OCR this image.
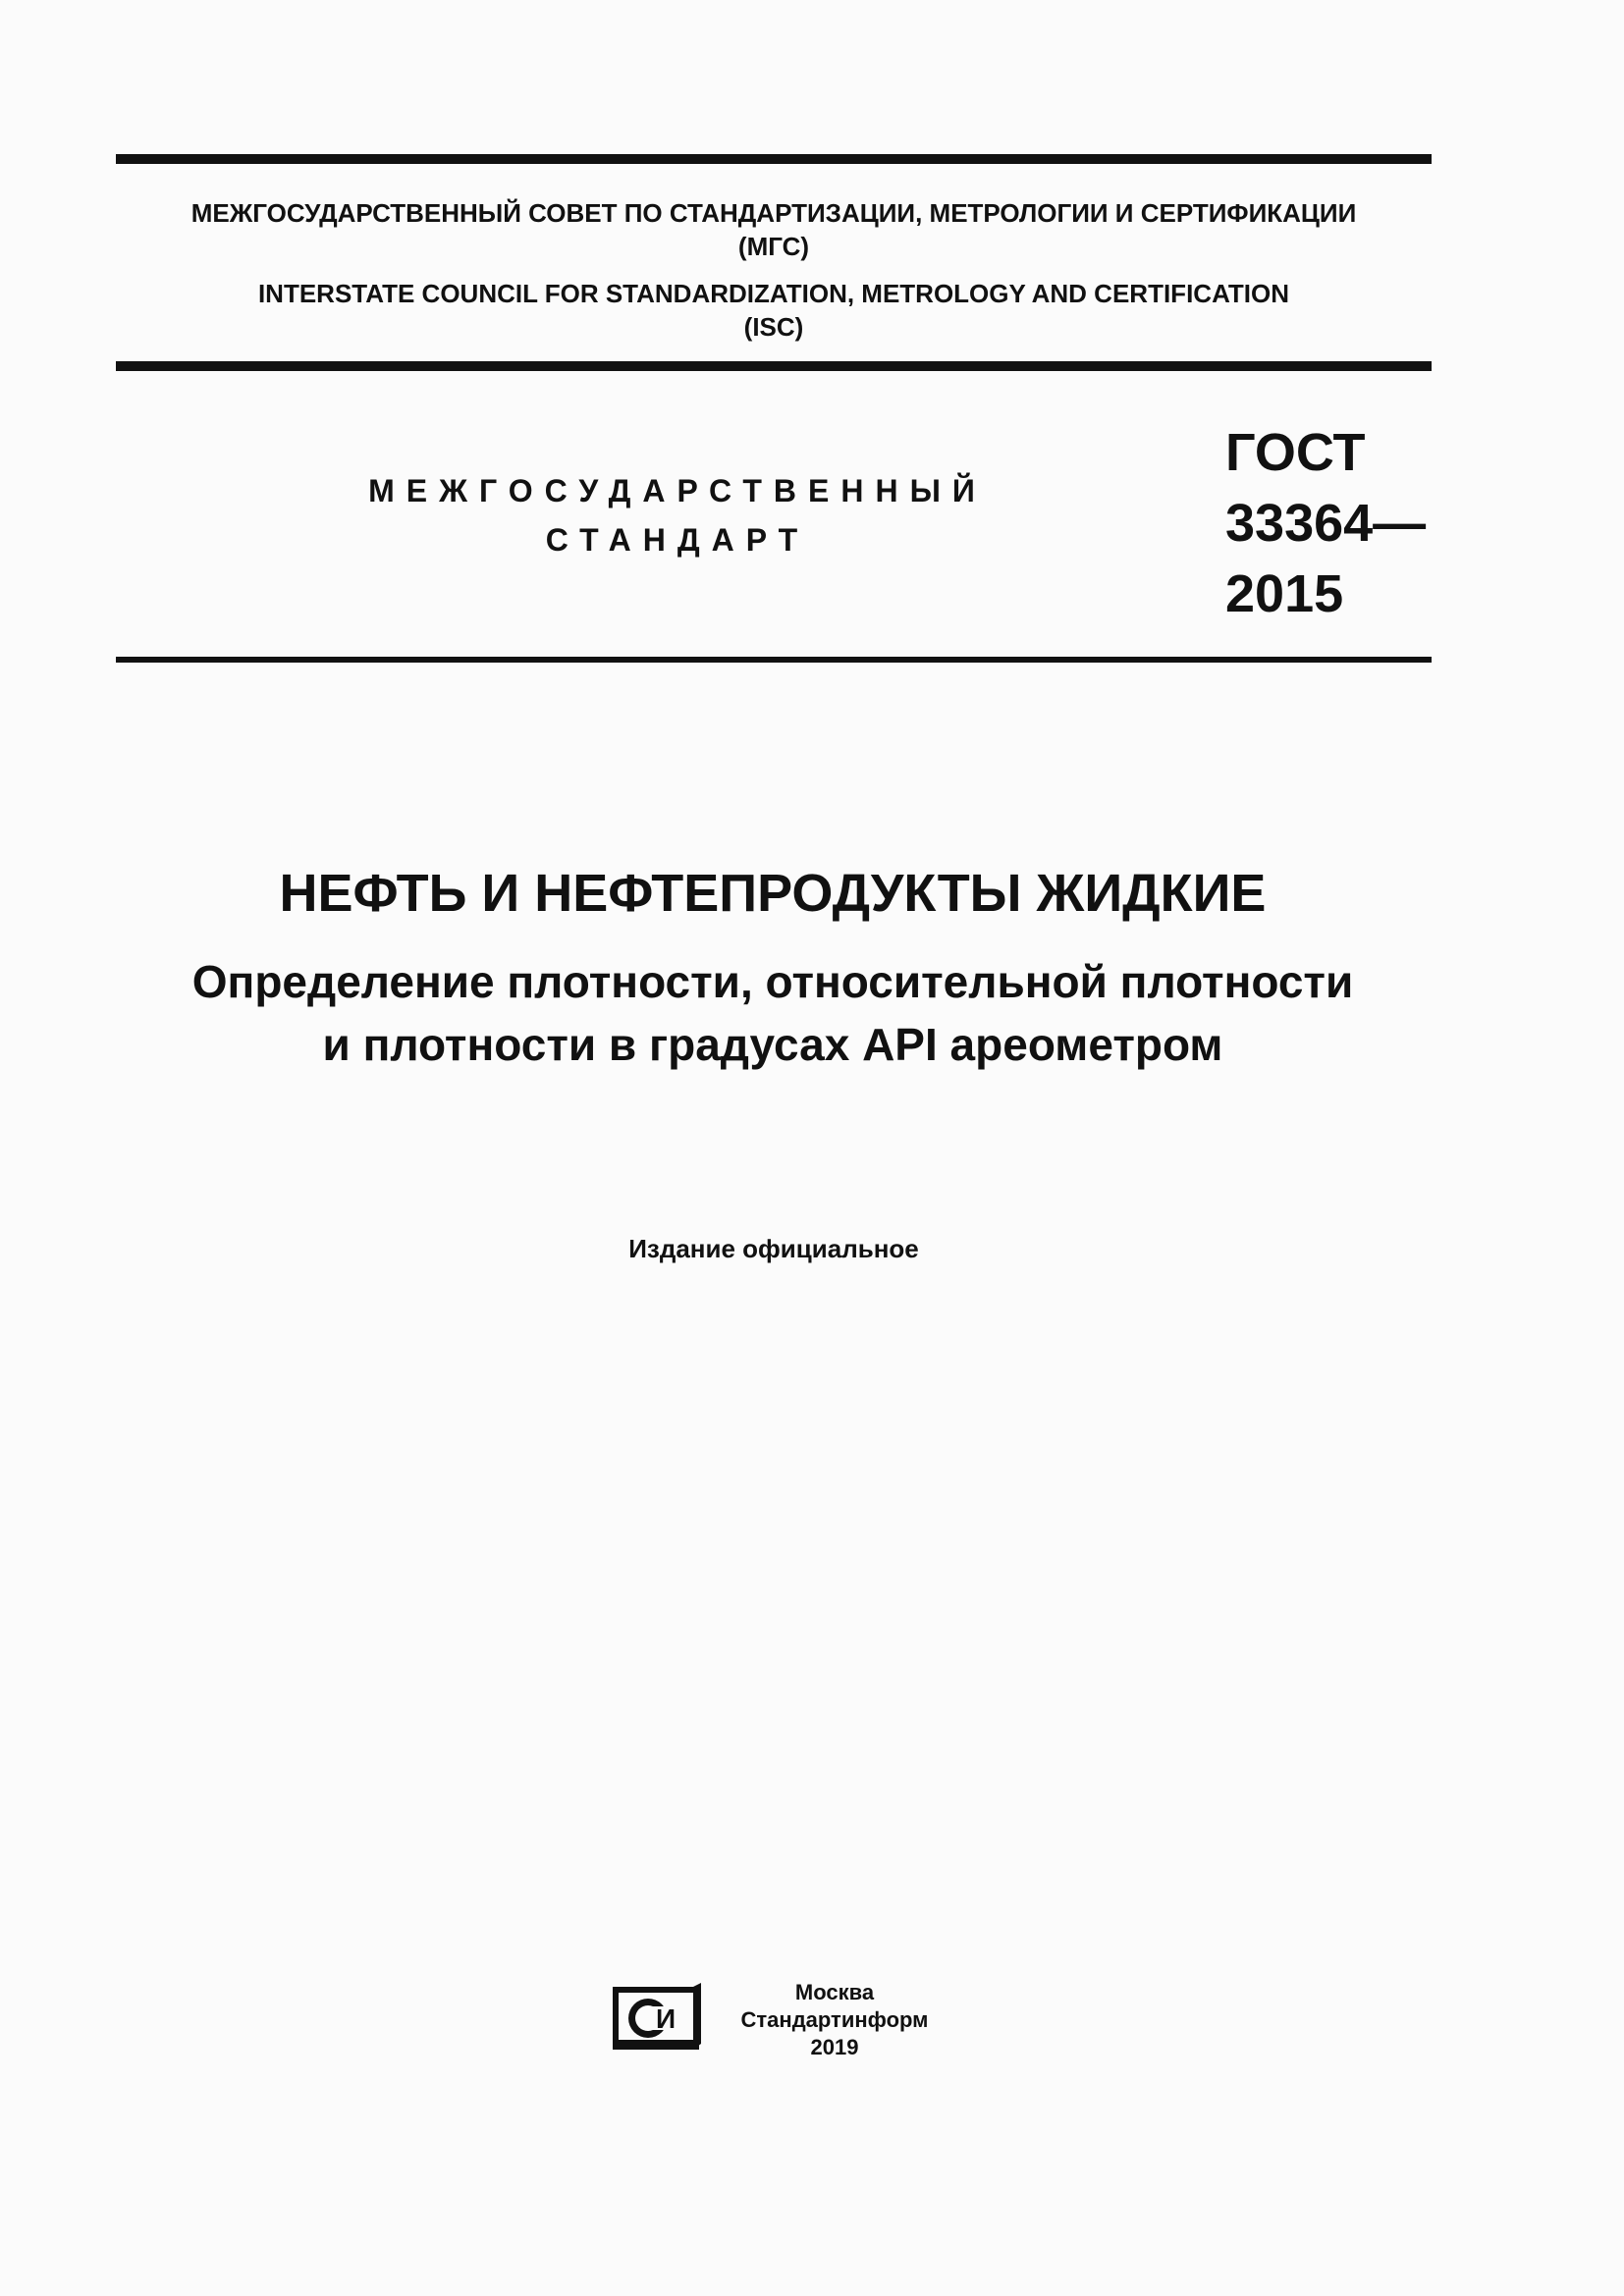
МЕЖГОСУДАРСТВЕННЫЙ СОВЕТ ПО СТАНДАРТИЗАЦИИ, МЕТРОЛОГИИ И СЕРТИФИКАЦИИ
(МГС)
INTERSTATE COUNCIL FOR STANDARDIZATION, METROLOGY AND CERTIFICATION
(ISC)
МЕЖГОСУДАРСТВЕННЫЙ
СТАНДАРТ
ГОСТ
33364—
2015
НЕФТЬ И НЕФТЕПРОДУКТЫ ЖИДКИЕ
Определение плотности, относительной плотности
и плотности в градусах API ареометром
Издание официальное
И
Москва
Стандартинформ
2019
